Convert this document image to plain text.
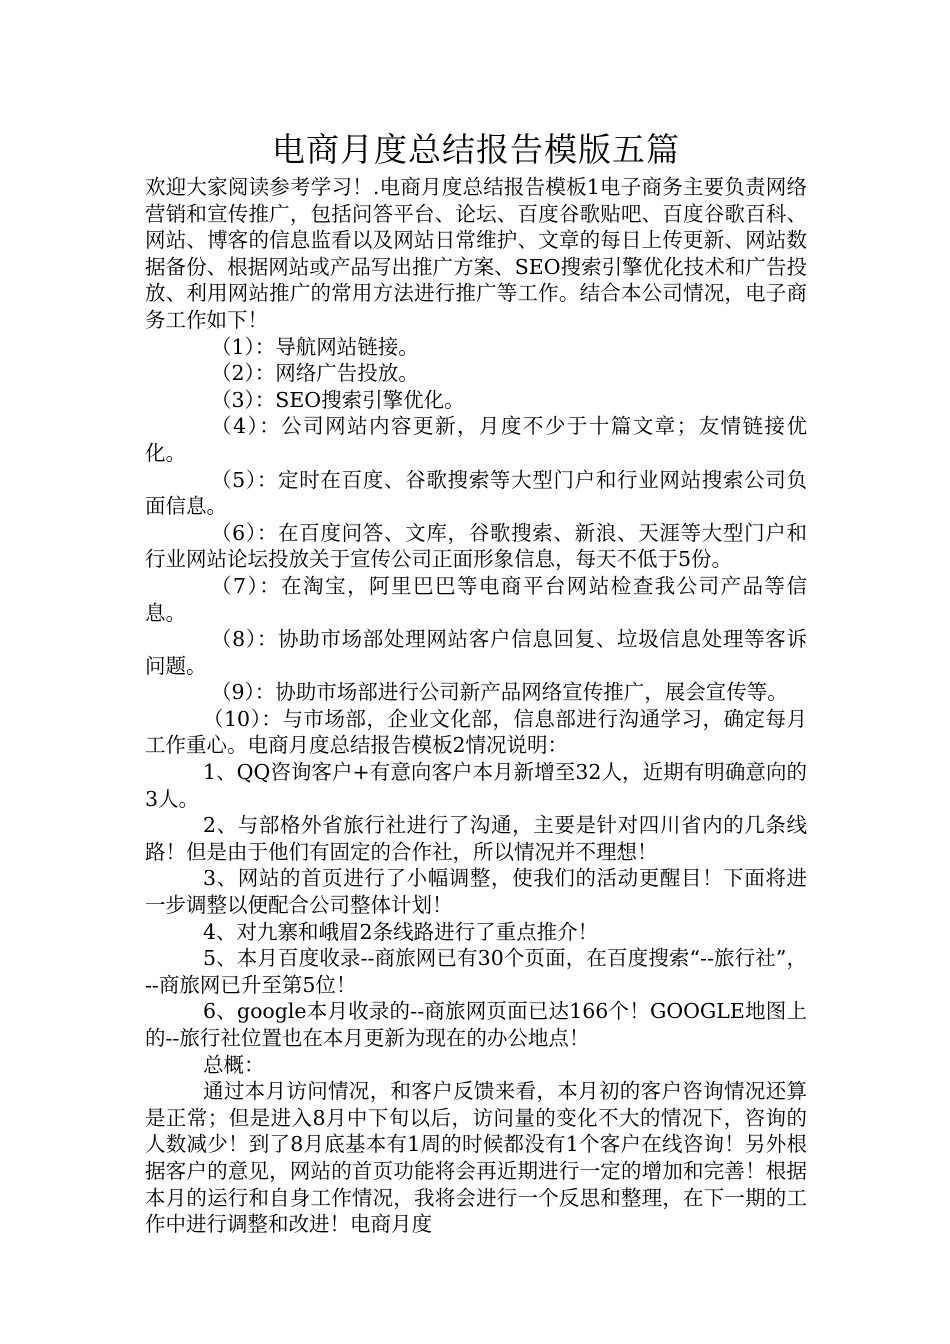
电商月度总结报告模版五篇

欢迎大家阅读参考学习！.电商月度总结报告模板1电子商务主要负责网络营销和宣传推广，包括问答平台、论坛、百度谷歌贴吧、百度谷歌百科、网站、博客的信息监看以及网站日常维护、文章的每日上传更新、网站数据备份、根据网站或产品写出推广方案、SEO搜索引擎优化技术和广告投放、利用网站推广的常用方法进行推广等工作。结合本公司情况，电子商务工作如下！

（1）：导航网站链接。

（2）：网络广告投放。

（3）：SEO搜索引擎优化。

（4）：公司网站内容更新，月度不少于十篇文章；友情链接优化。

（5）：定时在百度、谷歌搜索等大型门户和行业网站搜索公司负面信息。

（6）：在百度问答、文库，谷歌搜索、新浪、天涯等大型门户和行业网站论坛投放关于宣传公司正面形象信息，每天不低于5份。

（7）：在淘宝，阿里巴巴等电商平台网站检查我公司产品等信息。

（8）：协助市场部处理网站客户信息回复、垃圾信息处理等客诉问题。

（9）：协助市场部进行公司新产品网络宣传推广，展会宣传等。

（10）：与市场部，企业文化部，信息部进行沟通学习，确定每月工作重心。电商月度总结报告模板2情况说明：

1、QQ咨询客户+有意向客户本月新增至32人，近期有明确意向的3人。

2、与部格外省旅行社进行了沟通，主要是针对四川省内的几条线路！但是由于他们有固定的合作社，所以情况并不理想！

3、网站的首页进行了小幅调整，使我们的活动更醒目！下面将进一步调整以便配合公司整体计划！

4、对九寨和峨眉2条线路进行了重点推介！

5、本月百度收录--商旅网已有30个页面，在百度搜索“--旅行社”，--商旅网已升至第5位！

6、google本月收录的--商旅网页面已达166个！GOOGLE地图上的--旅行社位置也在本月更新为现在的办公地点！

总概：

通过本月访问情况，和客户反馈来看，本月初的客户咨询情况还算是正常；但是进入8月中下旬以后，访问量的变化不大的情况下，咨询的人数减少！到了8月底基本有1周的时候都没有1个客户在线咨询！另外根据客户的意见，网站的首页功能将会再近期进行一定的增加和完善！根据本月的运行和自身工作情况，我将会进行一个反思和整理，在下一期的工作中进行调整和改进！电商月度
